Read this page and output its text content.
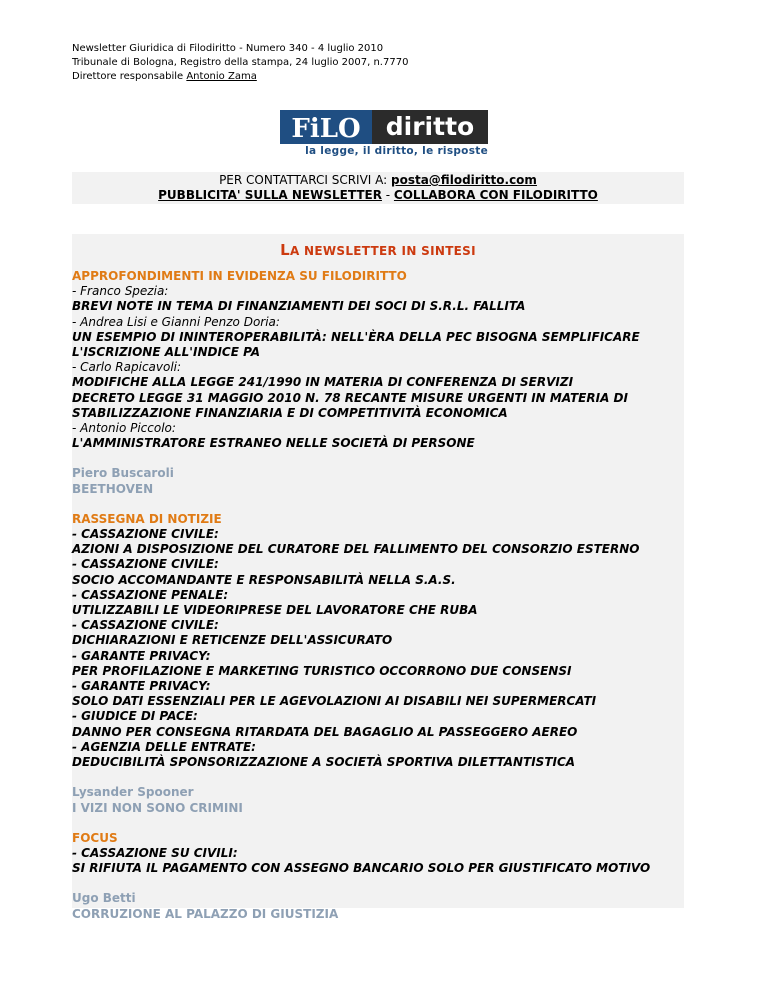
Newsletter Giuridica di Filodiritto - Numero 340 - 4 luglio 2010
Tribunale di Bologna, Registro della stampa, 24 luglio 2007, n.7770
Direttore responsabile Antonio Zama
FiLO	diritto
la legge, il diritto, le risposte
PER CONTATTARCI SCRIVI A: posta@filodiritto.com
PUBBLICITA' SULLA NEWSLETTER - COLLABORA CON FILODIRITTO
LA NEWSLETTER IN SINTESI
APPROFONDIMENTI IN EVIDENZA SU FILODIRITTO
- Franco Spezia:
BREVI NOTE IN TEMA DI FINANZIAMENTI DEI SOCI DI S.R.L. FALLITA
- Andrea Lisi e Gianni Penzo Doria:
UN ESEMPIO DI ININTEROPERABILITÀ: NELL'ÈRA DELLA PEC BISOGNA SEMPLIFICARE
L'ISCRIZIONE ALL'INDICE PA
- Carlo Rapicavoli:
MODIFICHE ALLA LEGGE 241/1990 IN MATERIA DI CONFERENZA DI SERVIZI
DECRETO LEGGE 31 MAGGIO 2010 N. 78 RECANTE MISURE URGENTI IN MATERIA DI
STABILIZZAZIONE FINANZIARIA E DI COMPETITIVITÀ ECONOMICA
- Antonio Piccolo:
L'AMMINISTRATORE ESTRANEO NELLE SOCIETÀ DI PERSONE
Piero Buscaroli
BEETHOVEN
RASSEGNA DI NOTIZIE
- CASSAZIONE CIVILE:
AZIONI A DISPOSIZIONE DEL CURATORE DEL FALLIMENTO DEL CONSORZIO ESTERNO
- CASSAZIONE CIVILE:
SOCIO ACCOMANDANTE E RESPONSABILITÀ NELLA S.A.S.
- CASSAZIONE PENALE:
UTILIZZABILI LE VIDEORIPRESE DEL LAVORATORE CHE RUBA
- CASSAZIONE CIVILE:
DICHIARAZIONI E RETICENZE DELL'ASSICURATO
- GARANTE PRIVACY:
PER PROFILAZIONE E MARKETING TURISTICO OCCORRONO DUE CONSENSI
- GARANTE PRIVACY:
SOLO DATI ESSENZIALI PER LE AGEVOLAZIONI AI DISABILI NEI SUPERMERCATI
- GIUDICE DI PACE:
DANNO PER CONSEGNA RITARDATA DEL BAGAGLIO AL PASSEGGERO AEREO
- AGENZIA DELLE ENTRATE:
DEDUCIBILITÀ SPONSORIZZAZIONE A SOCIETÀ SPORTIVA DILETTANTISTICA
Lysander Spooner
I VIZI NON SONO CRIMINI
FOCUS
- CASSAZIONE SU CIVILI:
SI RIFIUTA IL PAGAMENTO CON ASSEGNO BANCARIO SOLO PER GIUSTIFICATO MOTIVO
Ugo Betti
CORRUZIONE AL PALAZZO DI GIUSTIZIA
